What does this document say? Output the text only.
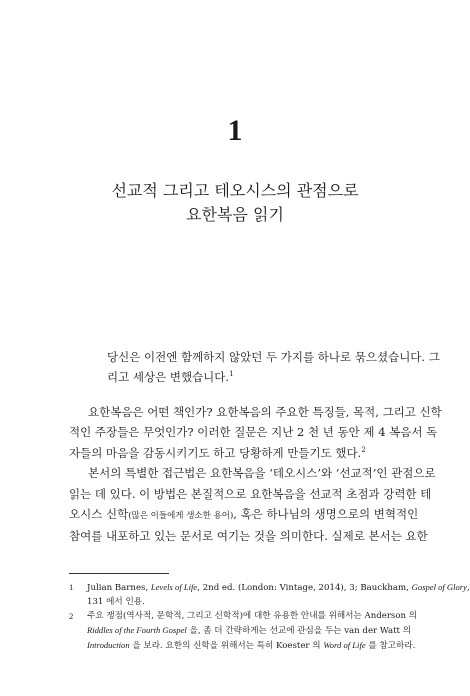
1
선교적 그리고 테오시스의 관점으로
요한복음 읽기
당신은 이전엔 함께하지 않았던 두 가지를 하나로 묶으셨습니다. 그
리고 세상은 변했습니다.$^1$
요한복음은 어떤 책인가? 요한복음의 주요한 특징들, 목적, 그리고 신학
적인 주장들은 무엇인가? 이러한 질문은 지난 2 천 년 동안 제 4 복음서 독
자들의 마음을 감동시키기도 하고 당황하게 만들기도 했다.$^2$
본서의 특별한 접근법은 요한복음을 ‘테오시스’와 ‘선교적’인 관점으로
읽는 데 있다. 이 방법은 본질적으로 요한복음을 선교적 초점과 강력한 테
오시스 신학(많은 이들에게 생소한 용어), 혹은 하나님의 생명으로의 변혁적인
참여를 내포하고 있는 문서로 여기는 것을 의미한다. 실제로 본서는 요한
1	Julian Barnes, Levels of Life, 2nd ed. (London: Vintage, 2014), 3; Bauckham, Gospel of Glory,
131 에서 인용.
2	주요 쟁점(역사적, 문학적, 그리고 신학적)에 대한 유용한 안내를 위해서는 Anderson 의
Riddles of the Fourth Gospel 을, 좀 더 간략하게는 선교에 관심을 두는 van der Watt 의
Introduction 을 보라. 요한의 신학을 위해서는 특히 Koester 의 Word of Life 를 참고하라.
